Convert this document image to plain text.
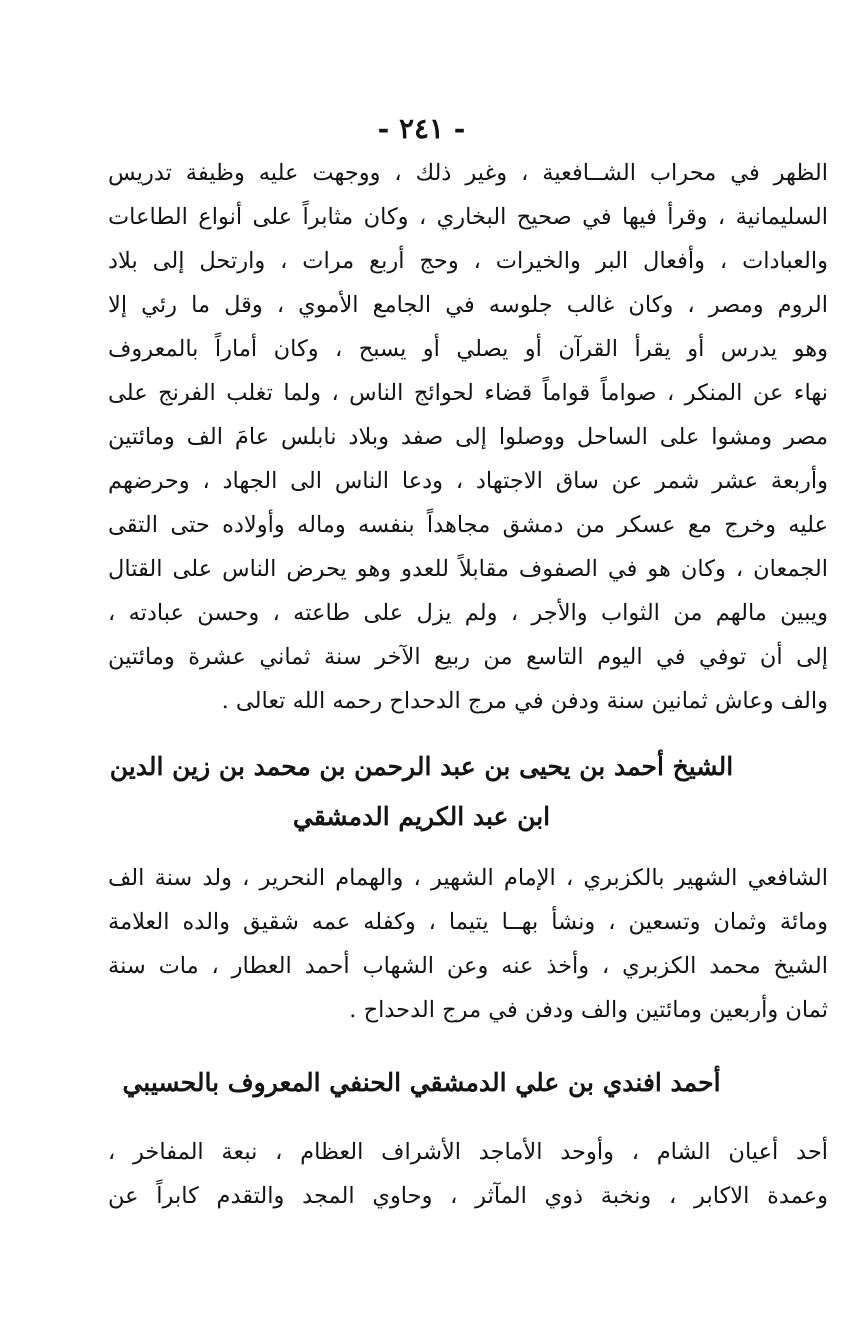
- ٢٤١ -
الظهر في محراب الشــافعية ، وغير ذلك ، ووجهت عليه وظيفة تدريس
السليمانية ، وقرأ فيها في صحيح البخاري ، وكان مثابراً على أنواع الطاعات
والعبادات ، وأفعال البر والخيرات ، وحج أربع مرات ، وارتحل إلى بلاد
الروم ومصر ، وكان غالب جلوسه في الجامع الأموي ، وقل ما رئي إلا
وهو يدرس أو يقرأ القرآن أو يصلي أو يسبح ، وكان أماراً بالمعروف
نهاء عن المنكر ، صواماً قواماً قضاء لحوائج الناس ، ولما تغلب الفرنج على
مصر ومشوا على الساحل ووصلوا إلى صفد وبلاد نابلس عامَ الف ومائتين
وأربعة عشر شمر عن ساق الاجتهاد ، ودعا الناس الى الجهاد ، وحرضهم
عليه وخرج مع عسكر من دمشق مجاهداً بنفسه وماله وأولاده حتى التقى
الجمعان ، وكان هو في الصفوف مقابلاً للعدو وهو يحرض الناس على القتال
ويبين مالهم من الثواب والأجر ، ولم يزل على طاعته ، وحسن عبادته ،
إلى أن توفي في اليوم التاسع من ربيع الآخر سنة ثماني عشرة ومائتين
والف وعاش ثمانين سنة ودفن في مرج الدحداح رحمه الله تعالى .
الشيخ أحمد بن يحيى بن عبد الرحمن بن محمد بن زين الدين
ابن عبد الكريم الدمشقي
الشافعي الشهير بالكزبري ، الإمام الشهير ، والهمام النحرير ، ولد سنة الف
ومائة وثمان وتسعين ، ونشأ بهــا يتيما ، وكفله عمه شقيق والده العلامة
الشيخ محمد الكزبري ، وأخذ عنه وعن الشهاب أحمد العطار ، مات سنة
ثمان وأربعين ومائتين والف ودفن في مرج الدحداح .
أحمد افندي بن علي الدمشقي الحنفي المعروف بالحسيبي
أحد أعيان الشام ، وأوحد الأماجد الأشراف العظام ، نبعة المفاخر ،
وعمدة الاكابر ، ونخبة ذوي المآثر ، وحاوي المجد والتقدم كابراً عن
